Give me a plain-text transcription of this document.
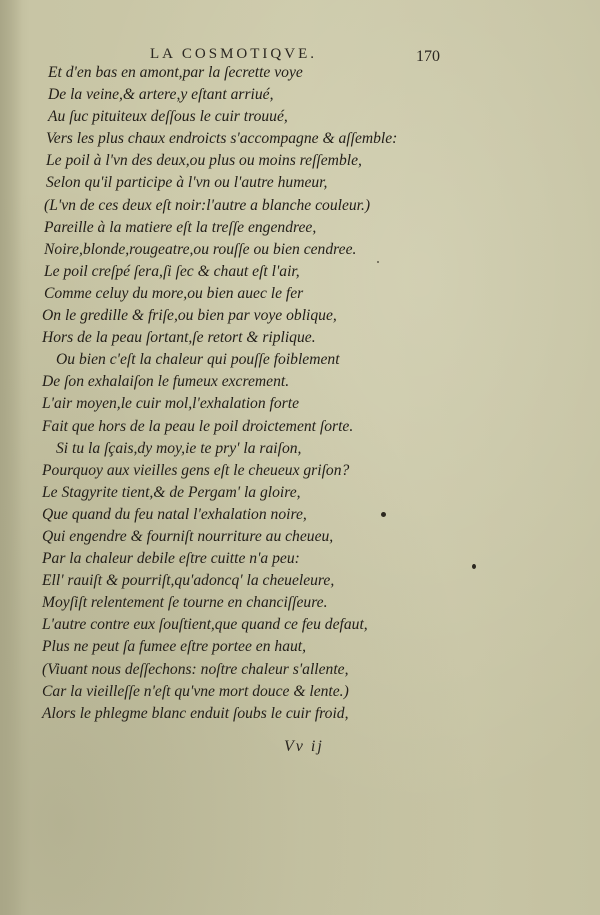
LA COSMOTIQVE.	170
Et d'en bas en amont,par la ſecrette voye
De la veine,& artere,y eſtant arriué,
Au ſuc pituiteux deſſous le cuir trouué,
Vers les plus chaux endroicts s'accompagne & aſſemble:
Le poil à l'vn des deux,ou plus ou moins reſſemble,
Selon qu'il participe à l'vn ou l'autre humeur,
(L'vn de ces deux eſt noir:l'autre a blanche couleur.)
Pareille à la matiere eſt la treſſe engendree,
Noire,blonde,rougeatre,ou rouſſe ou bien cendree.
Le poil creſpé ſera,ſi ſec & chaut eſt l'air,
Comme celuy du more,ou bien auec le fer
On le gredille & friſe,ou bien par voye oblique,
Hors de la peau ſortant,ſe retort & riplique.
Ou bien c'eſt la chaleur qui pouſſe foiblement
De ſon exhalaiſon le fumeux excrement.
L'air moyen,le cuir mol,l'exhalation forte
Fait que hors de la peau le poil droictement ſorte.
Si tu la ſçais,dy moy,ie te pry' la raiſon,
Pourquoy aux vieilles gens eſt le cheueux griſon?
Le Stagyrite tient,& de Pergam' la gloire,
Que quand du feu natal l'exhalation noire,
Qui engendre & fourniſt nourriture au cheueu,
Par la chaleur debile eſtre cuitte n'a peu:
Ell' rauiſt & pourriſt,qu'adoncq' la cheueleure,
Moyſiſt relentement ſe tourne en chanciſſeure.
L'autre contre eux ſouſtient,que quand ce feu defaut,
Plus ne peut ſa fumee eſtre portee en haut,
(Viuant nous deſſechons: noſtre chaleur s'allente,
Car la vieilleſſe n'eſt qu'vne mort douce & lente.)
Alors le phlegme blanc enduit ſoubs le cuir froid,
Vv ij
